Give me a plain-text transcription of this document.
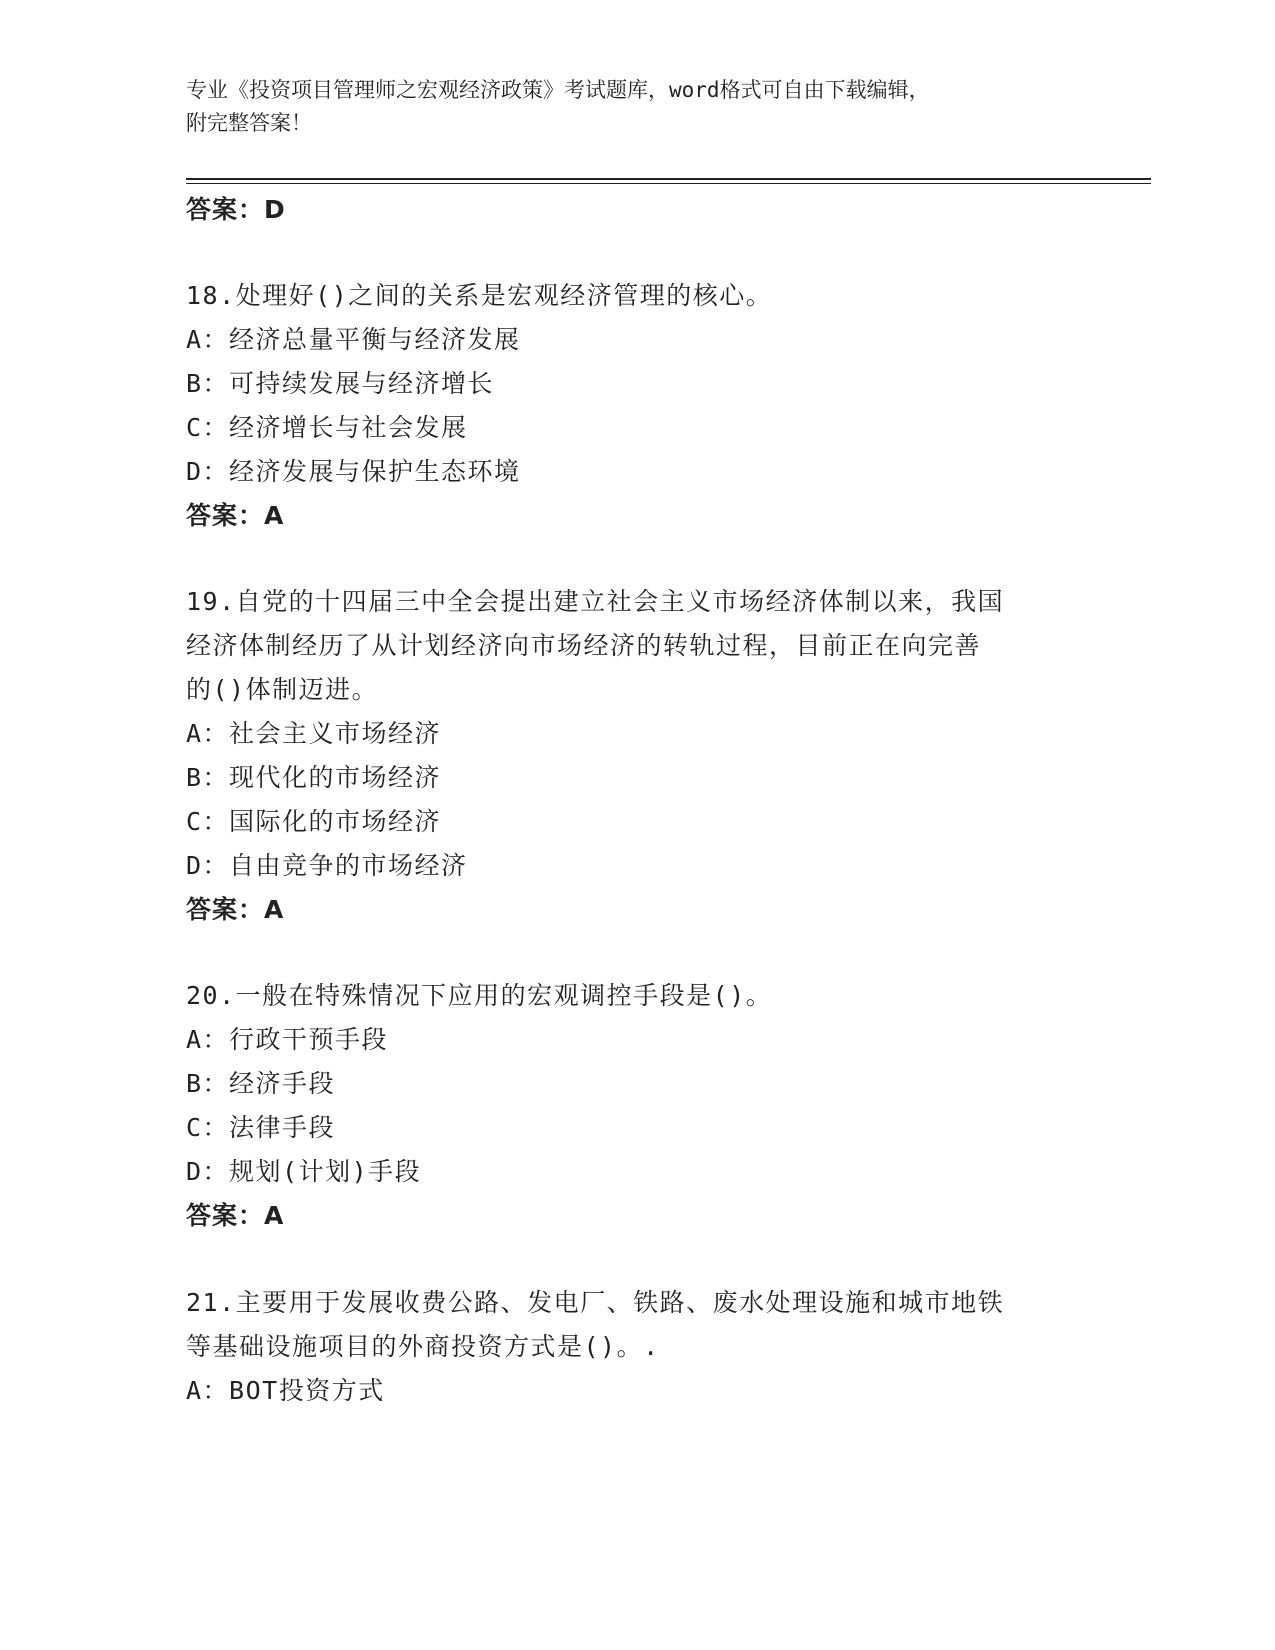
专业《投资项目管理师之宏观经济政策》考试题库，word格式可自由下载编辑，
附完整答案！
答案：D
18.处理好()之间的关系是宏观经济管理的核心。
A：经济总量平衡与经济发展
B：可持续发展与经济增长
C：经济增长与社会发展
D：经济发展与保护生态环境
答案：A
19.自党的十四届三中全会提出建立社会主义市场经济体制以来，我国
经济体制经历了从计划经济向市场经济的转轨过程，目前正在向完善
的()体制迈进。
A：社会主义市场经济
B：现代化的市场经济
C：国际化的市场经济
D：自由竞争的市场经济
答案：A
20.一般在特殊情况下应用的宏观调控手段是()。
A：行政干预手段
B：经济手段
C：法律手段
D：规划(计划)手段
答案：A
21.主要用于发展收费公路、发电厂、铁路、废水处理设施和城市地铁
等基础设施项目的外商投资方式是()。.
A：BOT投资方式
